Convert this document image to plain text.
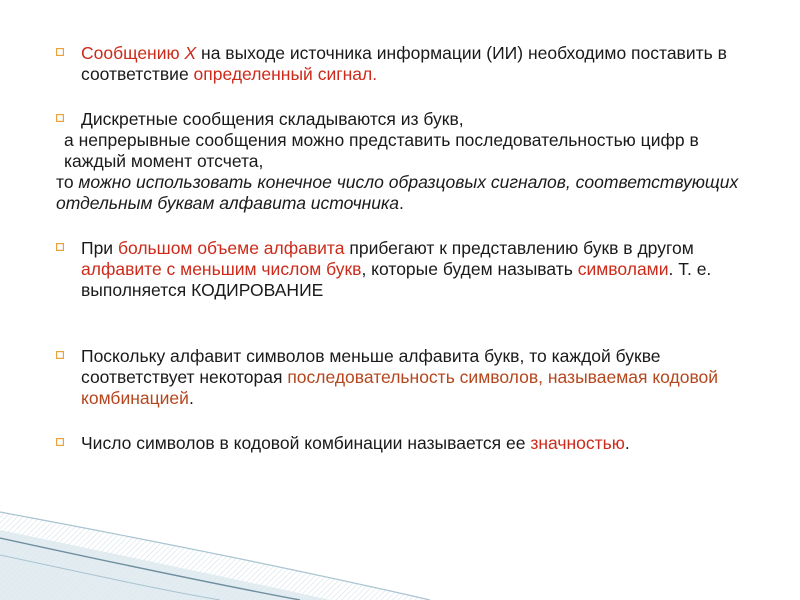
Сообщению Х на выходе источника информации (ИИ) необходимо поставить в соответствие определенный сигнал.

Дискретные сообщения складываются из букв,

а непрерывные сообщения можно представить последовательностью цифр в каждый момент отсчета,

то можно использовать конечное число образцовых сигналов, соответствующих отдельным буквам алфавита источника.

При большом объеме алфавита прибегают к представлению букв в другом алфавите с меньшим числом букв, которые будем называть символами. Т. е. выполняется КОДИРОВАНИЕ

Поскольку алфавит символов меньше алфавита букв, то каждой букве соответствует некоторая последовательность символов, называемая кодовой комбинацией.

Число символов в кодовой комбинации называется ее значностью.
